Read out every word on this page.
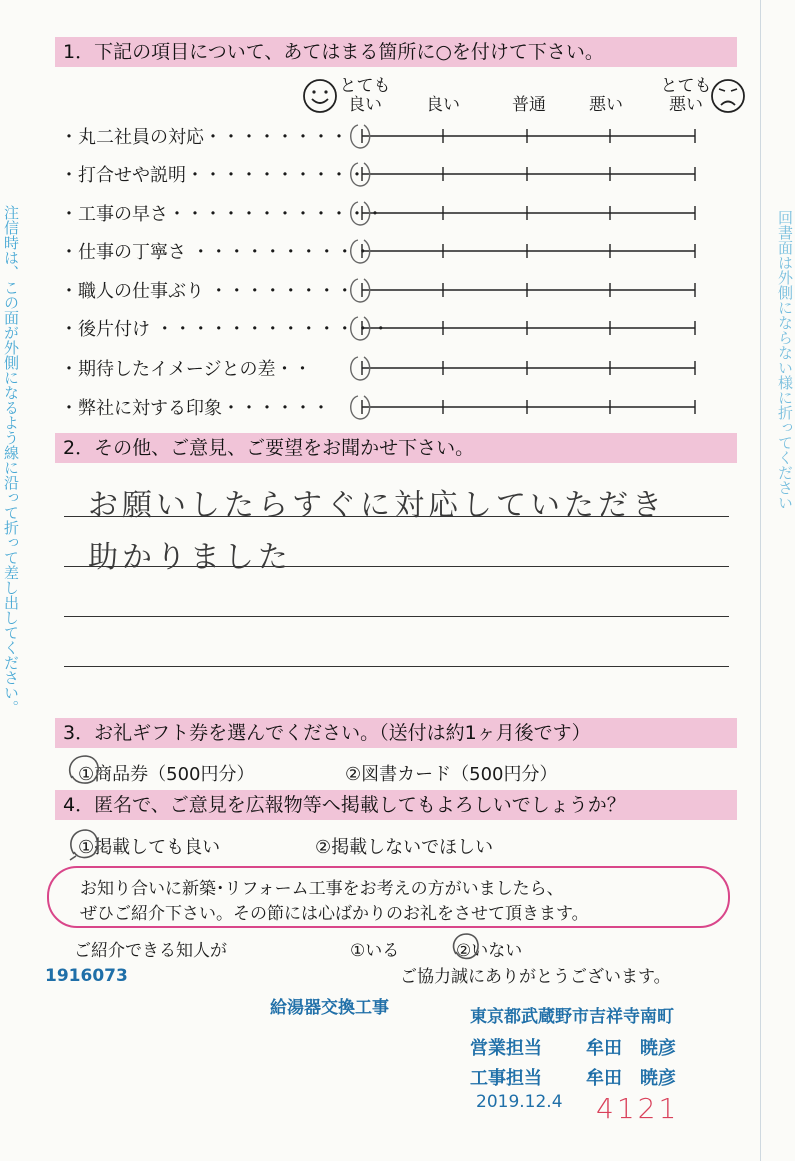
注信時は、この面が外側になるよう線に沿って折って差し出してください。	回書面は外側にならない様に折ってください
1．下記の項目について、あてはまる箇所に○を付けて下さい。
とても
良い	良い	普通	悪い
とても
悪い
・丸二社員の対応・・・・・・・・
・打合せや説明・・・・・・・・・・
・工事の早さ・・・・・・・・・・・・
・仕事の丁寧さ ・・・・・・・・・・
・職人の仕事ぶり ・・・・・・・・
・後片付け ・・・・・・・・・・・・・
・期待したイメージとの差・・
・弊社に対する印象・・・・・・
2．その他、ご意見、ご要望をお聞かせ下さい。
お願いしたらすぐに対応していただき
助かりました
3．お礼ギフト券を選んでください。（送付は約1ヶ月後です）
①商品券（500円分）	②図書カード（500円分）
4．匿名で、ご意見を広報物等へ掲載してもよろしいでしょうか？
①掲載しても良い	②掲載しないでほしい
お知り合いに新築･リフォーム工事をお考えの方がいましたら、
ぜひご紹介下さい。その節には心ばかりのお礼をさせて頂きます。
ご紹介できる知人が	①いる	②いない
ご協力誠にありがとうございます。
1916073
給湯器交換工事	東京都武蔵野市吉祥寺南町
営業担当 牟田　暁彦
工事担当 牟田　暁彦
2019.12.4 4121
